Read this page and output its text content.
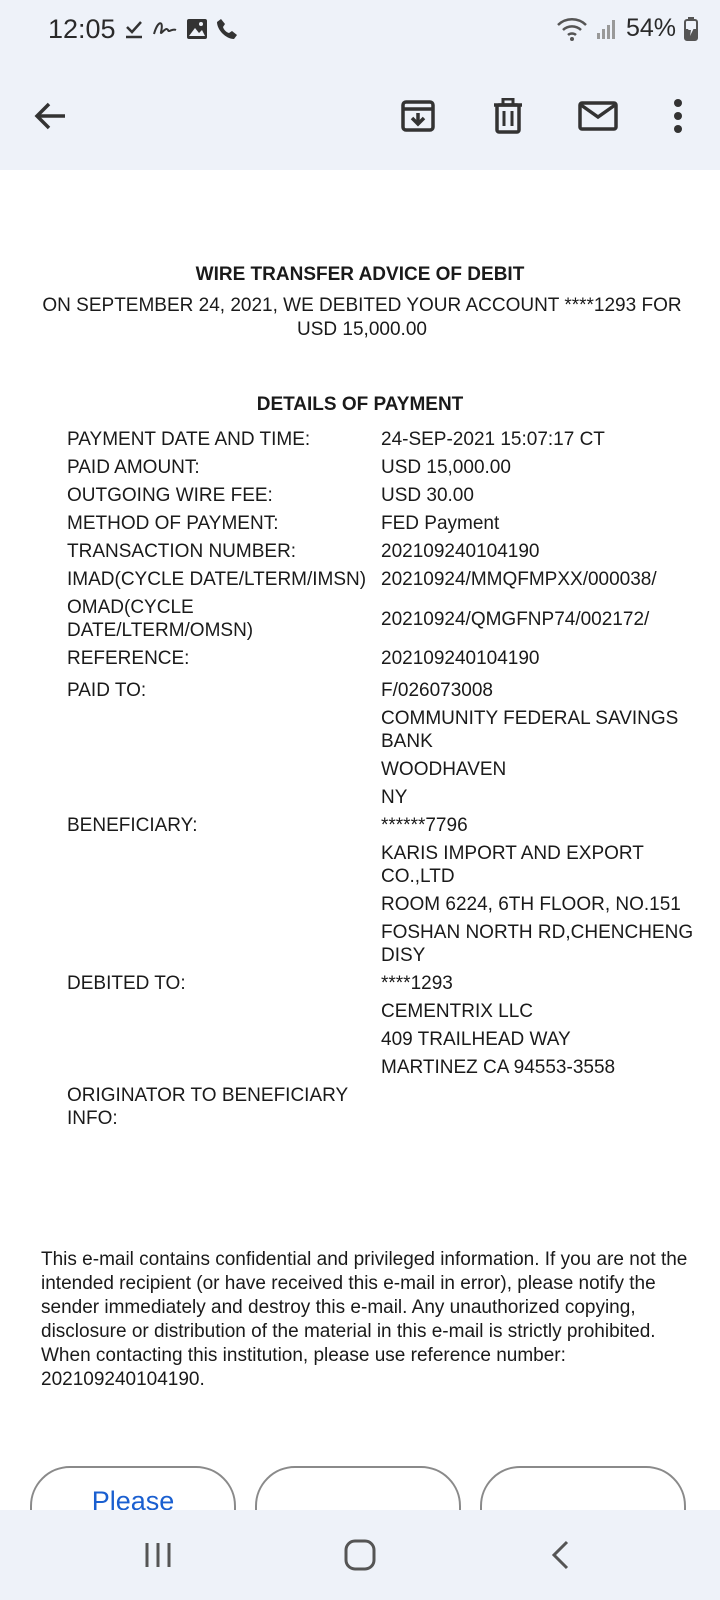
12:05	54%
WIRE TRANSFER ADVICE OF DEBIT
ON SEPTEMBER 24, 2021, WE DEBITED YOUR ACCOUNT ****1293 FOR USD 15,000.00
DETAILS OF PAYMENT
PAYMENT DATE AND TIME:	24-SEP-2021 15:07:17 CT
PAID AMOUNT:	USD 15,000.00
OUTGOING WIRE FEE:	USD 30.00
METHOD OF PAYMENT:	FED Payment
TRANSACTION NUMBER:	202109240104190
IMAD(CYCLE DATE/LTERM/IMSN) 20210924/MMQFMPXX/000038/
OMAD(CYCLE DATE/LTERM/OMSN)
20210924/QMGFNP74/002172/
REFERENCE:	202109240104190
PAID TO:	F/026073008
COMMUNITY FEDERAL SAVINGS BANK
WOODHAVEN
NY
BENEFICIARY:	******7796
KARIS IMPORT AND EXPORT CO.,LTD
ROOM 6224, 6TH FLOOR, NO.151
FOSHAN NORTH RD,CHENCHENG DISY
DEBITED TO:	****1293
CEMENTRIX LLC
409 TRAILHEAD WAY
MARTINEZ CA 94553-3558
ORIGINATOR TO BENEFICIARY INFO:
This e-mail contains confidential and privileged information. If you are not the intended recipient (or have received this e-mail in error), please notify the sender immediately and destroy this e-mail. Any unauthorized copying, disclosure or distribution of the material in this e-mail is strictly prohibited. When contacting this institution, please use reference number: 202109240104190.
Please
